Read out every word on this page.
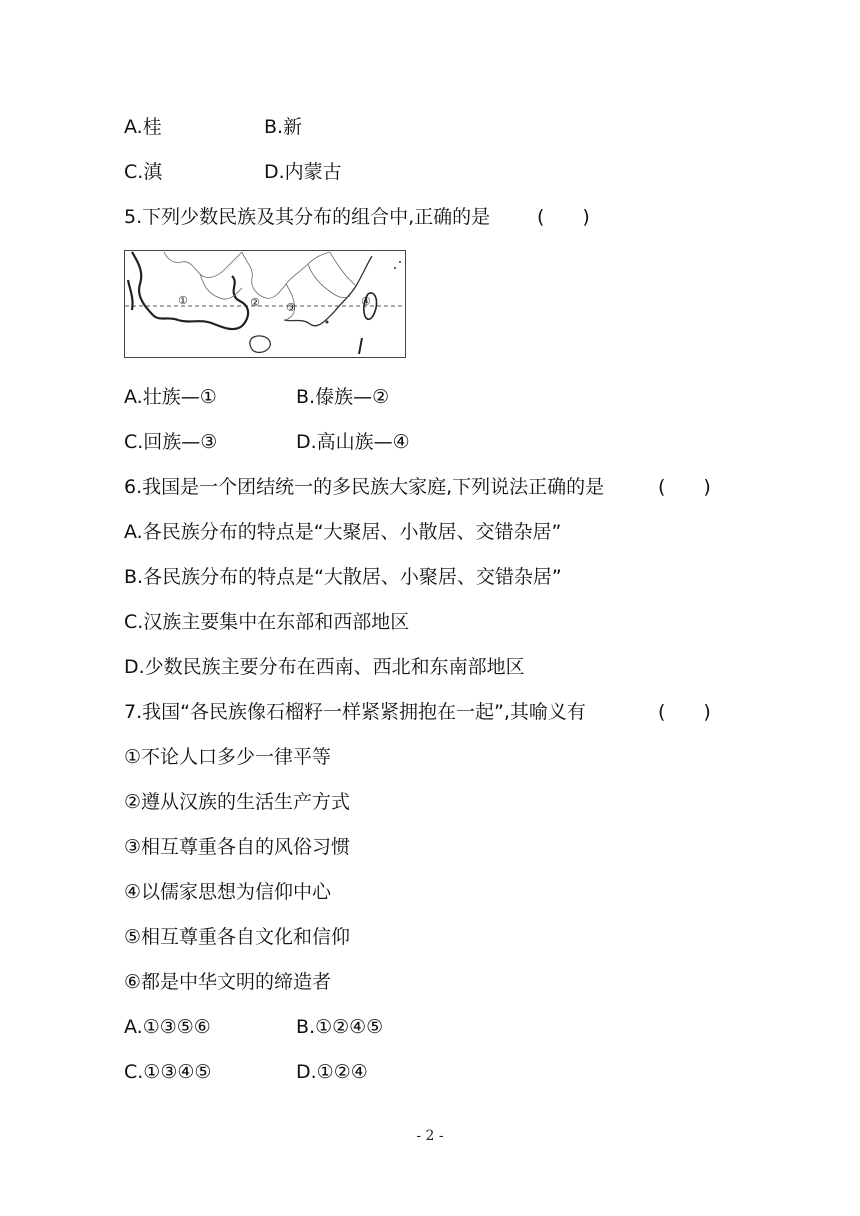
A.桂	B.新
C.滇	D.内蒙古
5.下列少数民族及其分布的组合中,正确的是 (　　)
①	② ③	④
A.壮族—①	B.傣族—②
C.回族—③	D.高山族—④
6.我国是一个团结统一的多民族大家庭,下列说法正确的是	(　　)
A.各民族分布的特点是“大聚居、小散居、交错杂居”
B.各民族分布的特点是“大散居、小聚居、交错杂居”
C.汉族主要集中在东部和西部地区
D.少数民族主要分布在西南、西北和东南部地区
7.我国“各民族像石榴籽一样紧紧拥抱在一起”,其喻义有	(　　)
①不论人口多少一律平等
②遵从汉族的生活生产方式
③相互尊重各自的风俗习惯
④以儒家思想为信仰中心
⑤相互尊重各自文化和信仰
⑥都是中华文明的缔造者
A.①③⑤⑥	B.①②④⑤
C.①③④⑤	D.①②④
- 2 -
